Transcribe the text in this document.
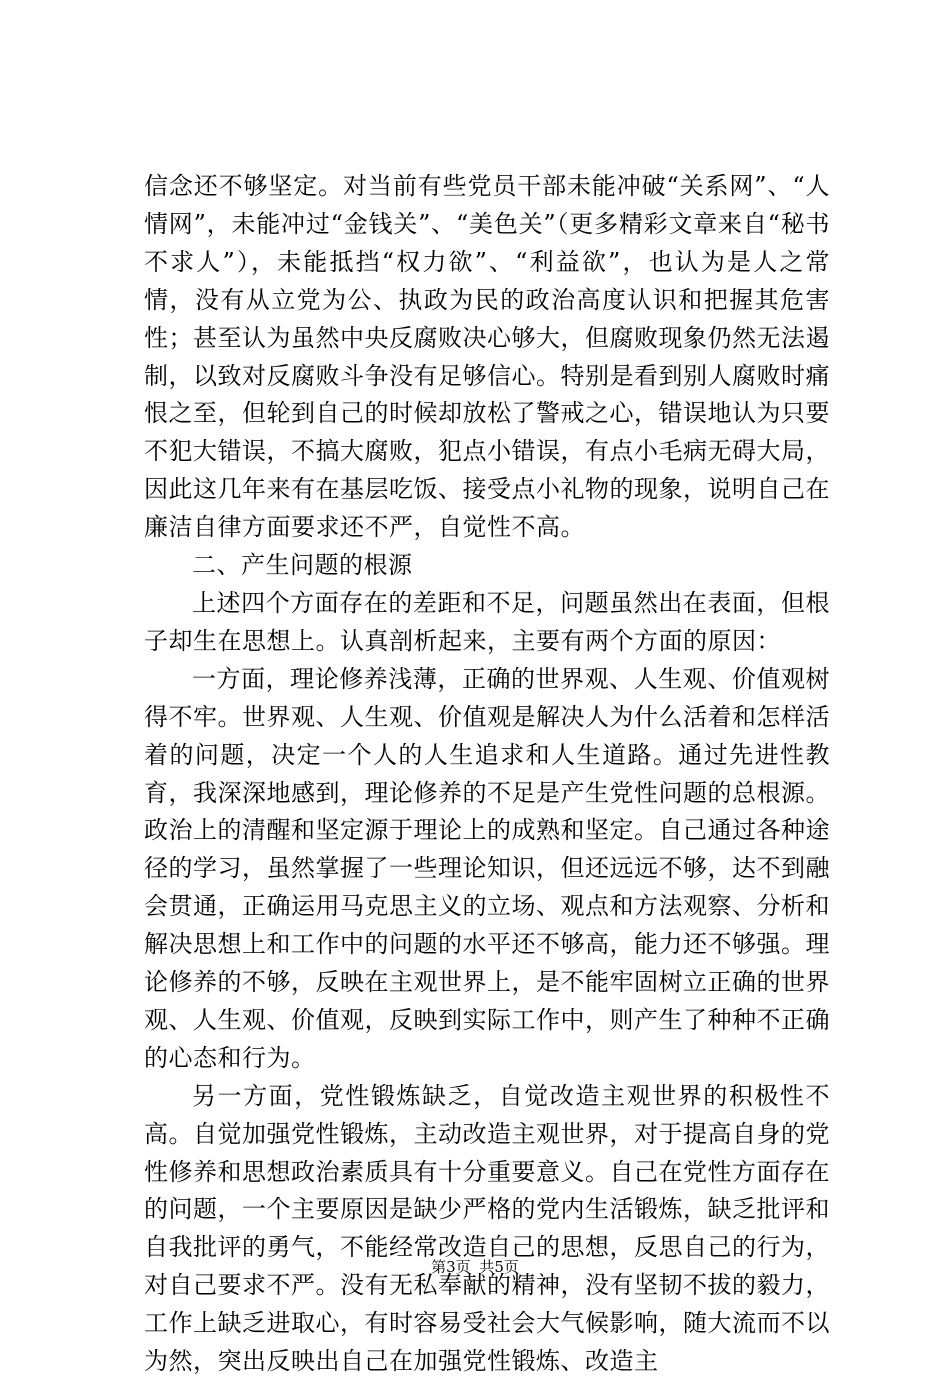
信念还不够坚定。对当前有些党员干部未能冲破“关系网”、“人情网”，未能冲过“金钱关”、“美色关”（更多精彩文章来自“秘书不求人”），未能抵挡“权力欲”、“利益欲”，也认为是人之常情，没有从立党为公、执政为民的政治高度认识和把握其危害性；甚至认为虽然中央反腐败决心够大，但腐败现象仍然无法遏制，以致对反腐败斗争没有足够信心。特别是看到别人腐败时痛恨之至，但轮到自己的时候却放松了警戒之心，错误地认为只要不犯大错误，不搞大腐败，犯点小错误，有点小毛病无碍大局，因此这几年来有在基层吃饭、接受点小礼物的现象，说明自己在廉洁自律方面要求还不严，自觉性不高。

二、产生问题的根源

上述四个方面存在的差距和不足，问题虽然出在表面，但根子却生在思想上。认真剖析起来，主要有两个方面的原因：

一方面，理论修养浅薄，正确的世界观、人生观、价值观树得不牢。世界观、人生观、价值观是解决人为什么活着和怎样活着的问题，决定一个人的人生追求和人生道路。通过先进性教育，我深深地感到，理论修养的不足是产生党性问题的总根源。政治上的清醒和坚定源于理论上的成熟和坚定。自己通过各种途径的学习，虽然掌握了一些理论知识，但还远远不够，达不到融会贯通，正确运用马克思主义的立场、观点和方法观察、分析和解决思想上和工作中的问题的水平还不够高，能力还不够强。理论修养的不够，反映在主观世界上，是不能牢固树立正确的世界观、人生观、价值观，反映到实际工作中，则产生了种种不正确的心态和行为。

另一方面，党性锻炼缺乏，自觉改造主观世界的积极性不高。自觉加强党性锻炼，主动改造主观世界，对于提高自身的党性修养和思想政治素质具有十分重要意义。自己在党性方面存在的问题，一个主要原因是缺少严格的党内生活锻炼，缺乏批评和自我批评的勇气，不能经常改造自己的思想，反思自己的行为，对自己要求不严。没有无私奉献的精神，没有坚韧不拔的毅力，工作上缺乏进取心，有时容易受社会大气候影响，随大流而不以为然，突出反映出自己在加强党性锻炼、改造主

第3页 共5页
